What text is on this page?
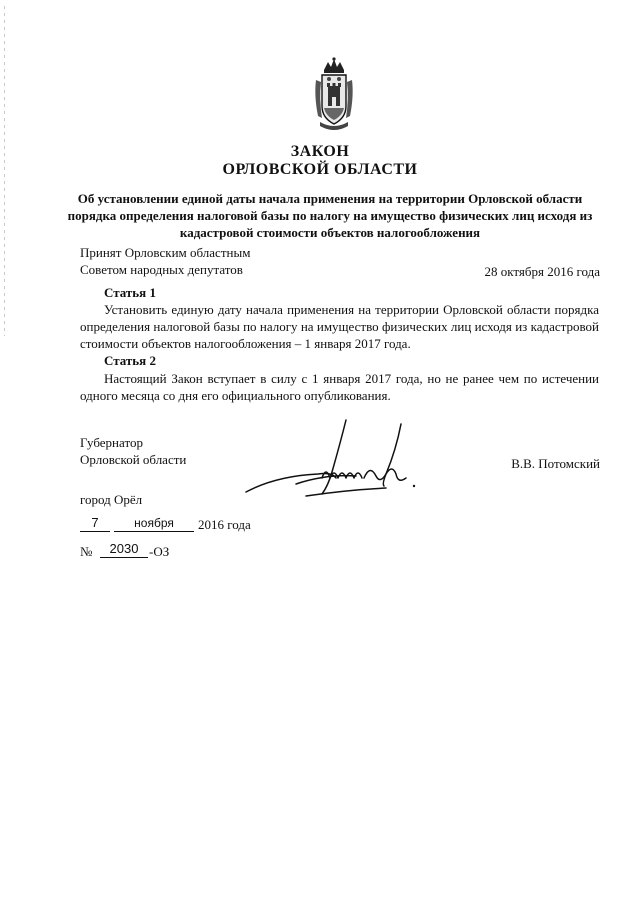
ЗАКОН
ОРЛОВСКОЙ ОБЛАСТИ
Об установлении единой даты начала применения на территории Орловской области порядка определения налоговой базы по налогу на имущество физических лиц исходя из кадастровой стоимости объектов налогообложения
Принят Орловским областным
Советом народных депутатов	28 октября 2016 года
Статья 1
Установить единую дату начала применения на территории Орловской области порядка определения налоговой базы по налогу на имущество физических лиц исходя из кадастровой стоимости объектов налогообложения – 1 января 2017 года.
Статья 2
Настоящий Закон вступает в силу с 1 января 2017 года, но не ранее чем по истечении одного месяца со дня его официального опубликования.
Губернатор
Орловской области	В.В. Потомский
город Орёл
7	ноября	2016 года
№	2030 -ОЗ
